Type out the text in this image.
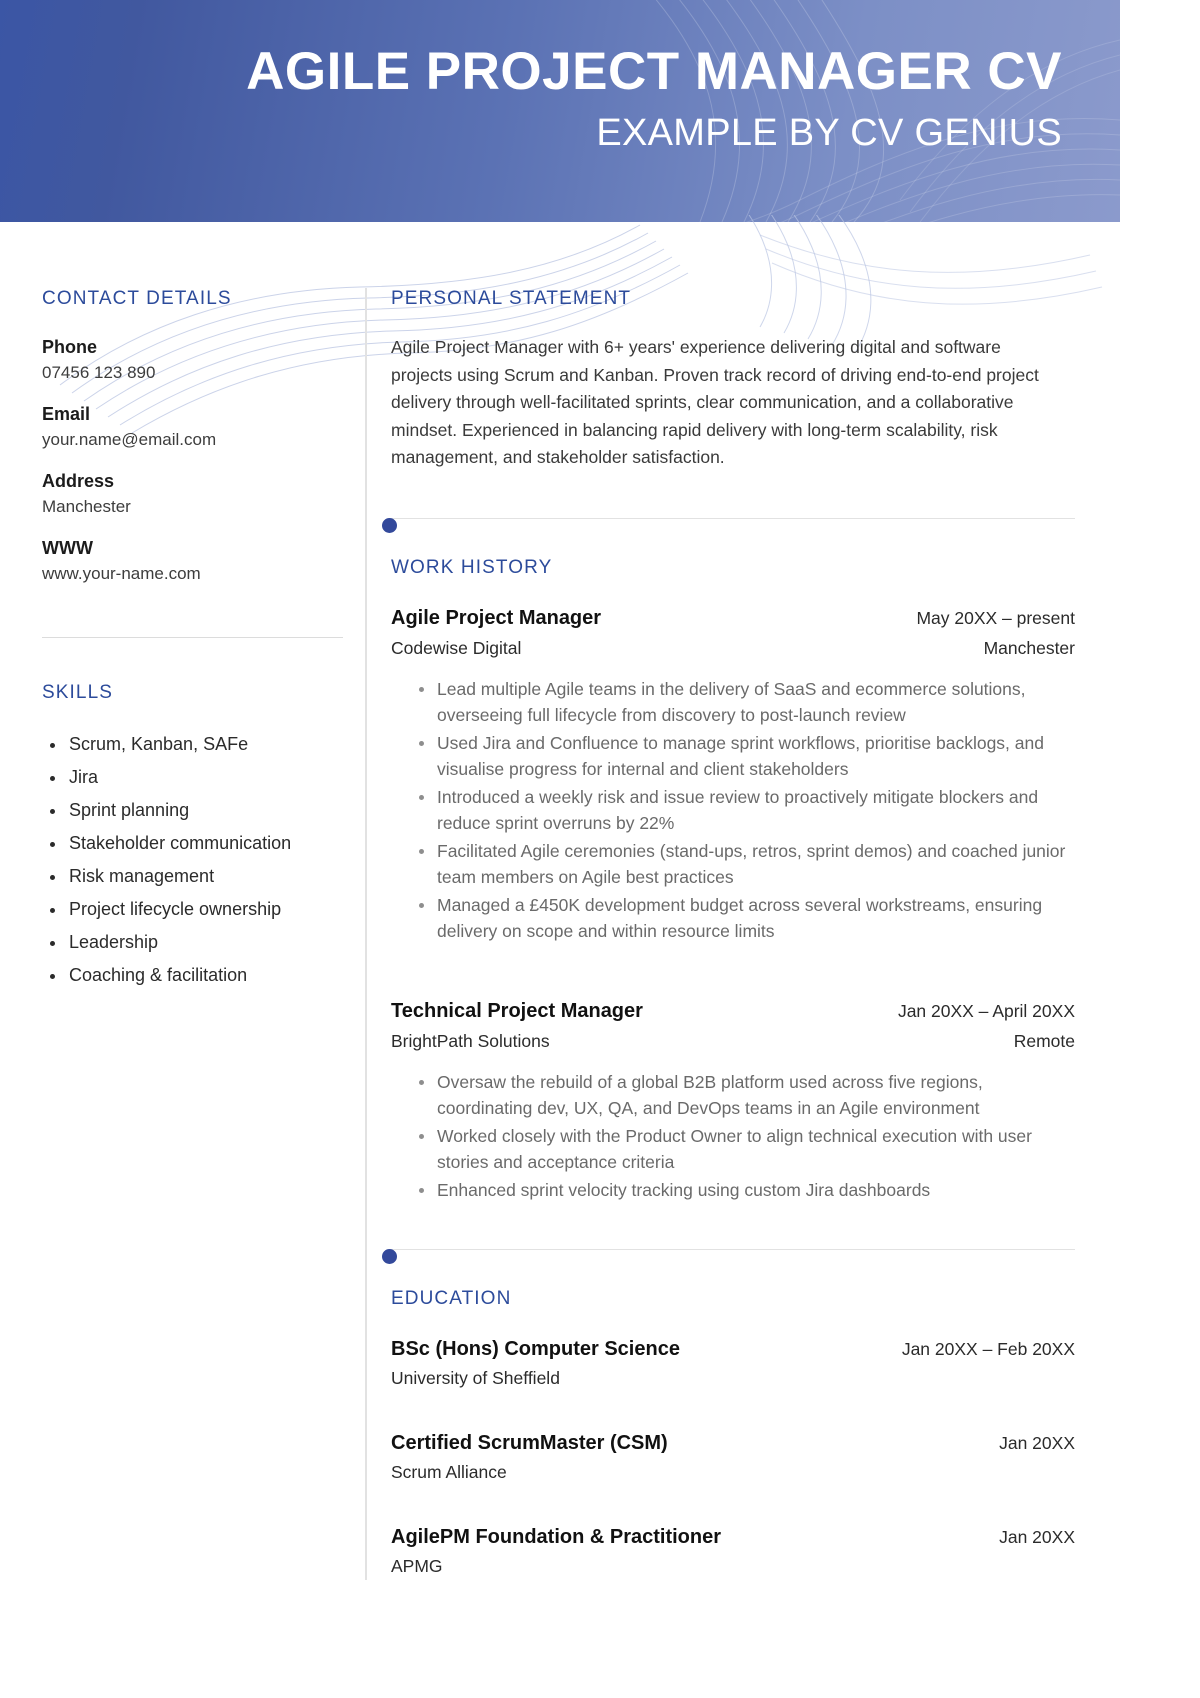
AGILE PROJECT MANAGER CV
EXAMPLE BY CV GENIUS
CONTACT DETAILS
Phone
07456 123 890
Email
your.name@email.com
Address
Manchester
WWW
www.your-name.com
SKILLS
Scrum, Kanban, SAFe
Jira
Sprint planning
Stakeholder communication
Risk management
Project lifecycle ownership
Leadership
Coaching & facilitation
PERSONAL STATEMENT

Agile Project Manager with 6+ years' experience delivering digital and software projects using Scrum and Kanban. Proven track record of driving end-to-end project delivery through well-facilitated sprints, clear communication, and a collaborative mindset. Experienced in balancing rapid delivery with long-term scalability, risk management, and stakeholder satisfaction.

WORK HISTORY
Agile Project Manager	May 20XX – present
Codewise Digital	Manchester
Lead multiple Agile teams in the delivery of SaaS and ecommerce solutions, overseeing full lifecycle from discovery to post-launch review
Used Jira and Confluence to manage sprint workflows, prioritise backlogs, and visualise progress for internal and client stakeholders
Introduced a weekly risk and issue review to proactively mitigate blockers and reduce sprint overruns by 22%
Facilitated Agile ceremonies (stand-ups, retros, sprint demos) and coached junior team members on Agile best practices
Managed a £450K development budget across several workstreams, ensuring delivery on scope and within resource limits
Technical Project Manager	Jan 20XX – April 20XX
BrightPath Solutions	Remote
Oversaw the rebuild of a global B2B platform used across five regions, coordinating dev, UX, QA, and DevOps teams in an Agile environment
Worked closely with the Product Owner to align technical execution with user stories and acceptance criteria
Enhanced sprint velocity tracking using custom Jira dashboards
EDUCATION
BSc (Hons) Computer Science	Jan 20XX – Feb 20XX
University of Sheffield
Certified ScrumMaster (CSM)	Jan 20XX
Scrum Alliance
AgilePM Foundation & Practitioner	Jan 20XX
APMG
